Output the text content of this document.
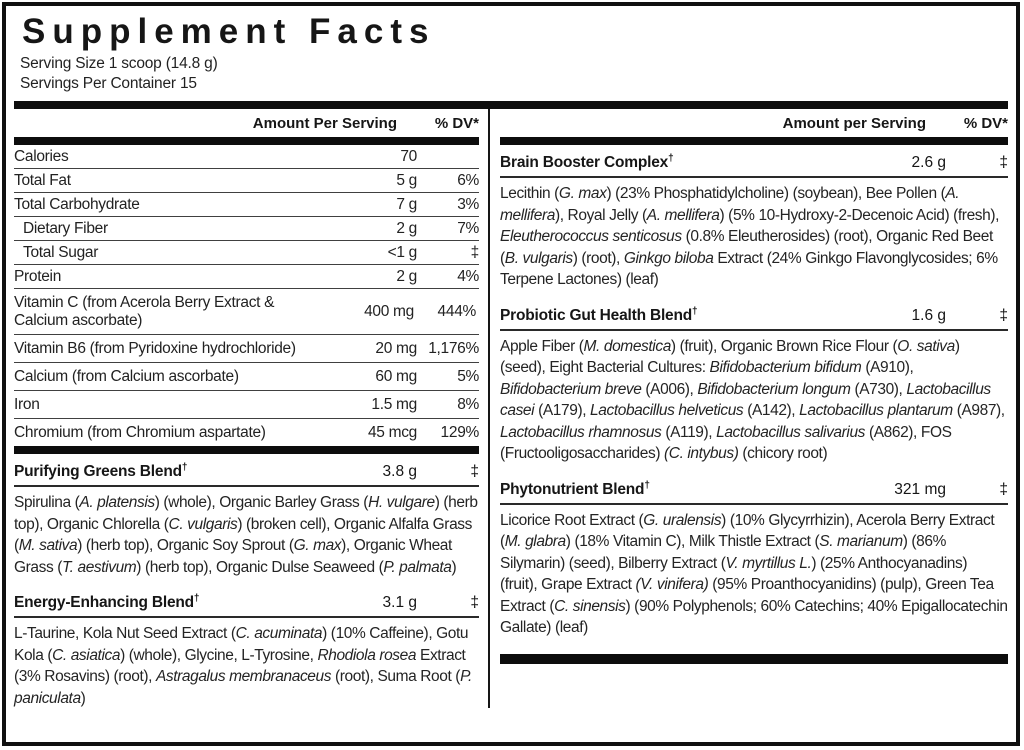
Supplement Facts
Serving Size 1 scoop (14.8 g)
Servings Per Container 15
Amount Per Serving	% DV*
Calories	70
Total Fat	5 g	6%
Total Carbohydrate	7 g	3%
Dietary Fiber	2 g	7%
Total Sugar	<1 g	‡
Protein	2 g	4%
Vitamin C (from Acerola Berry Extract & Calcium ascorbate)
400 mg	444%
Vitamin B6 (from Pyridoxine hydrochloride)	20 mg 1,176%
Calcium (from Calcium ascorbate)	60 mg	5%
Iron	1.5 mg	8%
Chromium (from Chromium aspartate)	45 mcg	129%
Purifying Greens Blend†	3.8 g	‡

Spirulina (A. platensis) (whole), Organic Barley Grass (H. vulgare) (herb top), Organic Chlorella (C. vulgaris) (broken cell), Organic Alfalfa Grass (M. sativa) (herb top), Organic Soy Sprout (G. max), Organic Wheat Grass (T. aestivum) (herb top), Organic Dulse Seaweed (P. palmata)

Energy-Enhancing Blend†	3.1 g	‡

L-Taurine, Kola Nut Seed Extract (C. acuminata) (10% Caffeine), Gotu Kola (C. asiatica) (whole), Glycine, L-Tyrosine, Rhodiola rosea Extract (3% Rosavins) (root), Astragalus membranaceus (root), Suma Root (P. paniculata)

Amount per Serving	% DV*
Brain Booster Complex†	2.6 g	‡

Lecithin (G. max) (23% Phosphatidylcholine) (soybean), Bee Pollen (A. mellifera), Royal Jelly (A. mellifera) (5% 10-Hydroxy-2-Decenoic Acid) (fresh), Eleutherococcus senticosus (0.8% Eleutherosides) (root), Organic Red Beet (B. vulgaris) (root), Ginkgo biloba Extract (24% Ginkgo Flavonglycosides; 6% Terpene Lactones) (leaf)

Probiotic Gut Health Blend†	1.6 g	‡

Apple Fiber (M. domestica) (fruit), Organic Brown Rice Flour (O. sativa) (seed), Eight Bacterial Cultures: Bifidobacterium bifidum (A910), Bifidobacterium breve (A006), Bifidobacterium longum (A730), Lactobacillus casei (A179), Lactobacillus helveticus (A142), Lactobacillus plantarum (A987), Lactobacillus rhamnosus (A119), Lactobacillus salivarius (A862), FOS (Fructooligosaccharides) (C. intybus) (chicory root)

Phytonutrient Blend†	321 mg	‡

Licorice Root Extract (G. uralensis) (10% Glycyrrhizin), Acerola Berry Extract (M. glabra) (18% Vitamin C), Milk Thistle Extract (S. marianum) (86% Silymarin) (seed), Bilberry Extract (V. myrtillus L.) (25% Anthocyanadins) (fruit), Grape Extract (V. vinifera) (95% Proanthocyanidins) (pulp), Green Tea Extract (C. sinensis) (90% Polyphenols; 60% Catechins; 40% Epigallocatechin Gallate) (leaf)
